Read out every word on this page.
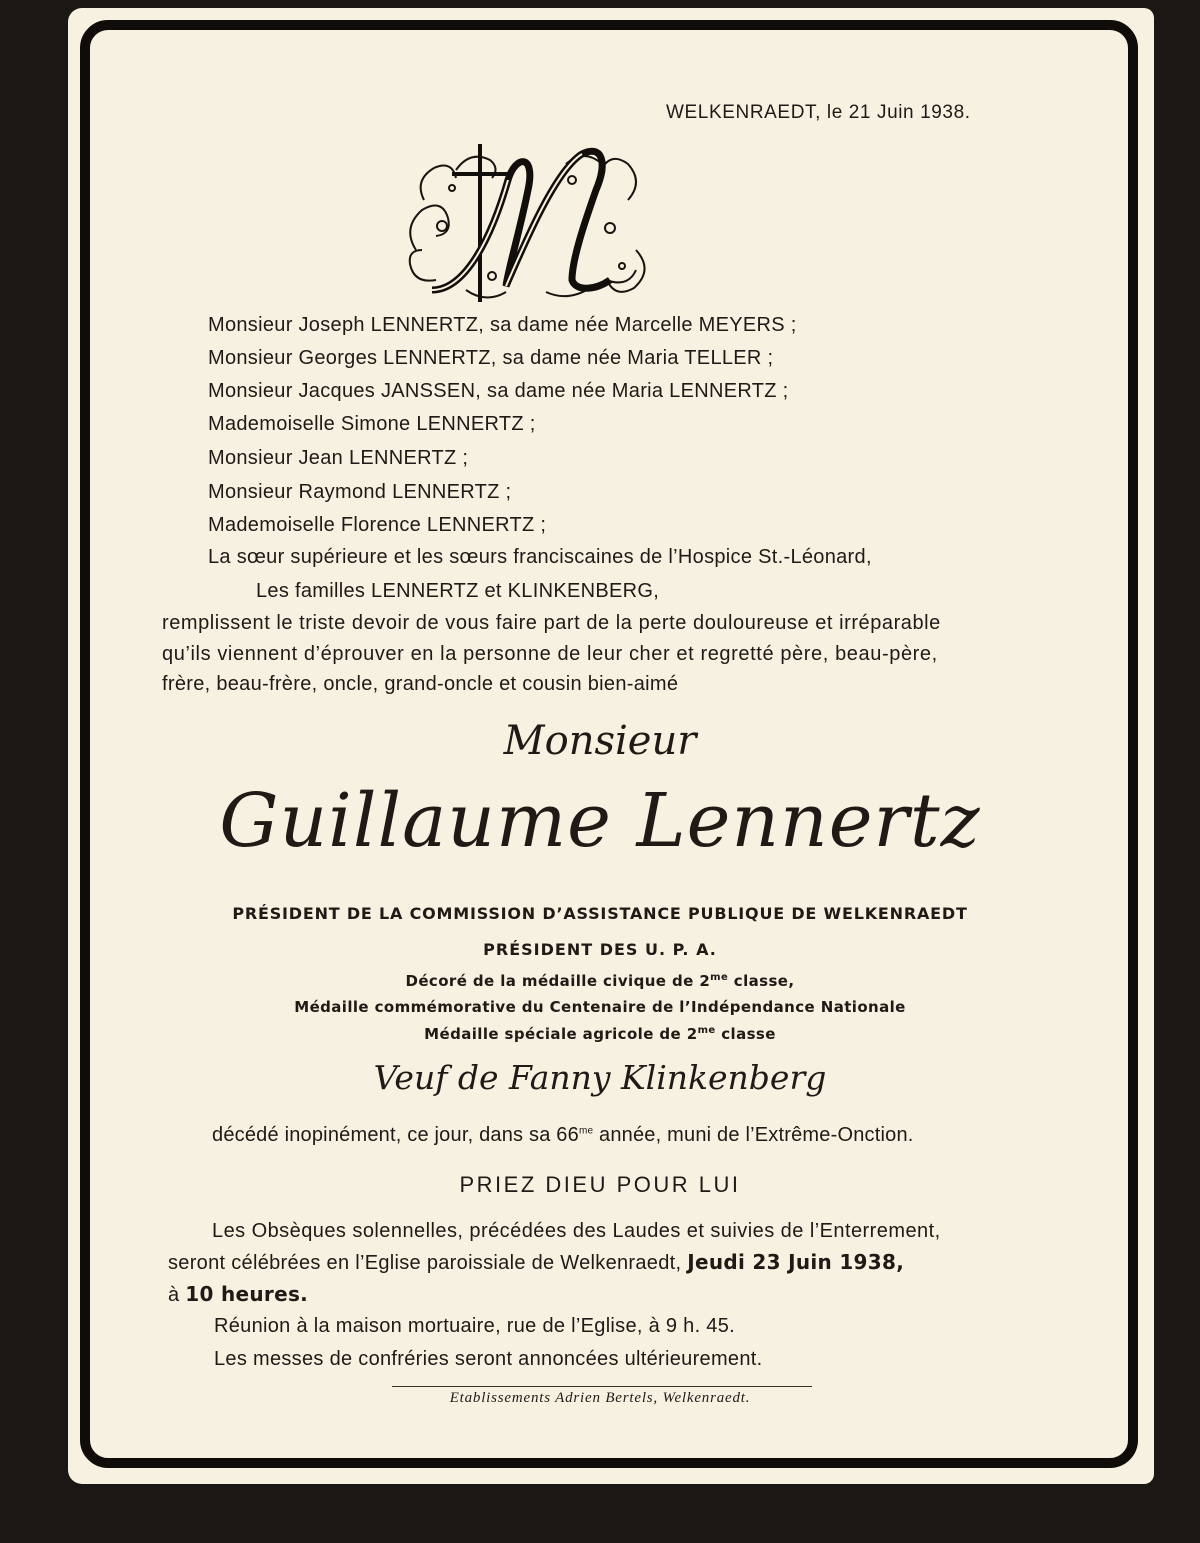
WELKENRAEDT, le 21 Juin 1938.
Monsieur Joseph LENNERTZ, sa dame née Marcelle MEYERS ;
Monsieur Georges LENNERTZ, sa dame née Maria TELLER ;
Monsieur Jacques JANSSEN, sa dame née Maria LENNERTZ ;
Mademoiselle Simone LENNERTZ ;
Monsieur Jean LENNERTZ ;
Monsieur Raymond LENNERTZ ;
Mademoiselle Florence LENNERTZ ;
La sœur supérieure et les sœurs franciscaines de l’Hospice St.-Léonard,
Les familles LENNERTZ et KLINKENBERG,
remplissent le triste devoir de vous faire part de la perte douloureuse et irréparable
qu’ils viennent d’éprouver en la personne de leur cher et regretté père, beau-père,
frère, beau-frère, oncle, grand-oncle et cousin bien-aimé
Monsieur
Guillaume Lennertz
PRÉSIDENT DE LA COMMISSION D’ASSISTANCE PUBLIQUE DE WELKENRAEDT
PRÉSIDENT DES U. P. A.
Décoré de la médaille civique de $2^{me}$ classe,
Médaille commémorative du Centenaire de l’Indépendance Nationale
Médaille spéciale agricole de $2^{me}$ classe
Veuf de Fanny Klinkenberg
décédé inopinément, ce jour, dans sa $66^{me}$ année, muni de l’Extrême-Onction.
PRIEZ DIEU POUR LUI
Les Obsèques solennelles, précédées des Laudes et suivies de l’Enterrement,
seront célébrées en l’Eglise paroissiale de Welkenraedt, Jeudi 23 Juin 1938,
à 10 heures.
Réunion à la maison mortuaire, rue de l’Eglise, à 9 h. 45.
Les messes de confréries seront annoncées ultérieurement.
Etablissements Adrien Bertels, Welkenraedt.
